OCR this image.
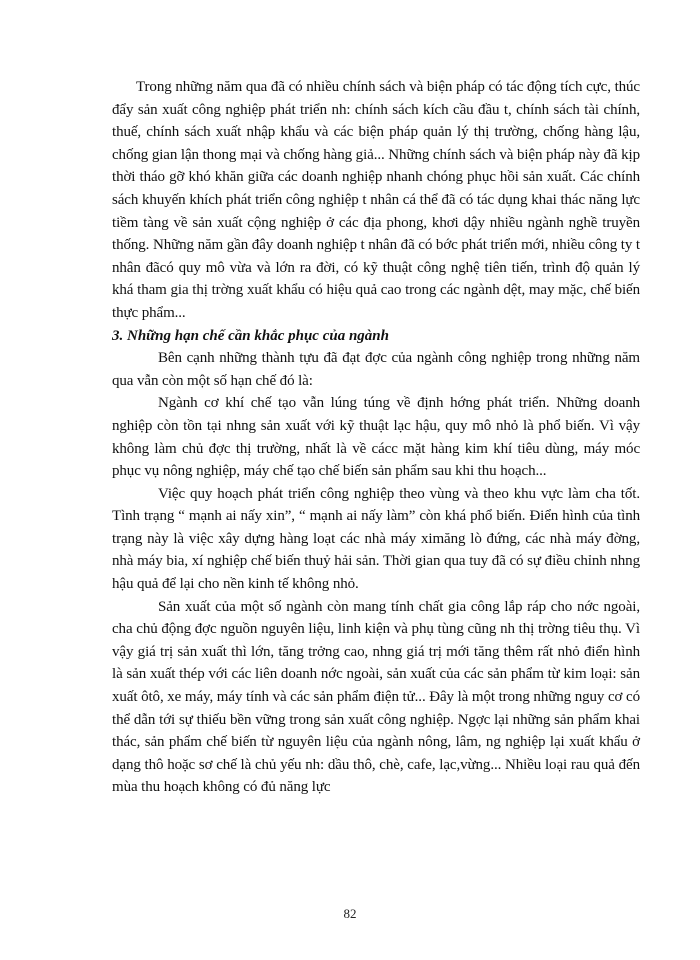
Trong những năm qua đã có nhiều chính sách và biện pháp có tác động tích cực, thúc đẩy sản xuất công nghiệp phát triển nh: chính sách kích cầu đầu t, chính sách tài chính, thuế, chính sách xuất nhập khẩu và các biện pháp quản lý thị trường, chống hàng lậu, chống gian lận thong mại và chống hàng giả... Những chính sách và biện pháp này đã kịp thời tháo gỡ khó khăn giữa các doanh nghiệp nhanh chóng phục hồi sản xuất. Các chính sách khuyến khích phát triển công nghiệp t nhân cá thể đã có tác dụng khai thác năng lực tiềm tàng về sản xuất cộng nghiệp ở các địa phong, khơi dậy nhiều ngành nghề truyền thống. Những năm gần đây doanh nghiệp t nhân đã có bớc phát triển mới, nhiều công ty t nhân đãcó quy mô vừa và lớn ra đời, có kỹ thuật công nghệ tiên tiến, trình độ quản lý khá tham gia thị trờng xuất khẩu có hiệu quả cao trong các ngành dệt, may mặc, chế biến thực phẩm...

3. Những hạn chế cần khắc phục của ngành

Bên cạnh những thành tựu đã đạt đợc của ngành công nghiệp trong những năm qua vẫn còn một số hạn chế đó là:

Ngành cơ khí chế tạo vẫn lúng túng về định hớng phát triển. Những doanh nghiệp còn tồn tại nhng sản xuất với kỹ thuật lạc hậu, quy mô nhỏ là phổ biến. Vì vậy không làm chủ đợc thị trường, nhất là về cácc mặt hàng kim khí tiêu dùng, máy móc phục vụ nông nghiệp, máy chế tạo chế biến sản phẩm sau khi thu hoạch...

Việc quy hoạch phát triển công nghiệp theo vùng và theo khu vực làm cha tốt. Tình trạng “ mạnh ai nấy xin”, “ mạnh ai nấy làm” còn khá phổ biến. Điển hình của tình trạng này là việc xây dựng hàng loạt các nhà máy ximăng lò đứng, các nhà máy đờng, nhà máy bia, xí nghiệp chế biến thuỷ hải sản. Thời gian qua tuy đã có sự điều chỉnh nhng hậu quả để lại cho nền kinh tế không nhỏ.

Sản xuất của một số ngành còn mang tính chất gia công lắp ráp cho nớc ngoài, cha chủ động đợc nguồn nguyên liệu, linh kiện và phụ tùng cũng nh thị trờng tiêu thụ. Vì vậy giá trị sản xuất thì lớn, tăng trởng cao, nhng giá trị mới tăng thêm rất nhỏ điển hình là sản xuất thép với các liên doanh nớc ngoài, sản xuất của các sản phẩm từ kim loại: sản xuất ôtô, xe máy, máy tính và các sản phẩm điện tử... Đây là một trong những nguy cơ có thể dẫn tới sự thiếu bền vững trong sản xuất công nghiệp. Ngợc lại những sản phẩm khai thác, sản phẩm chế biến từ nguyên liệu của ngành nông, lâm, ng nghiệp lại xuất khẩu ở dạng thô hoặc sơ chế là chủ yếu nh: dầu thô, chè, cafe, lạc,vừng... Nhiều loại rau quả đến mùa thu hoạch không có đủ năng lực

82
